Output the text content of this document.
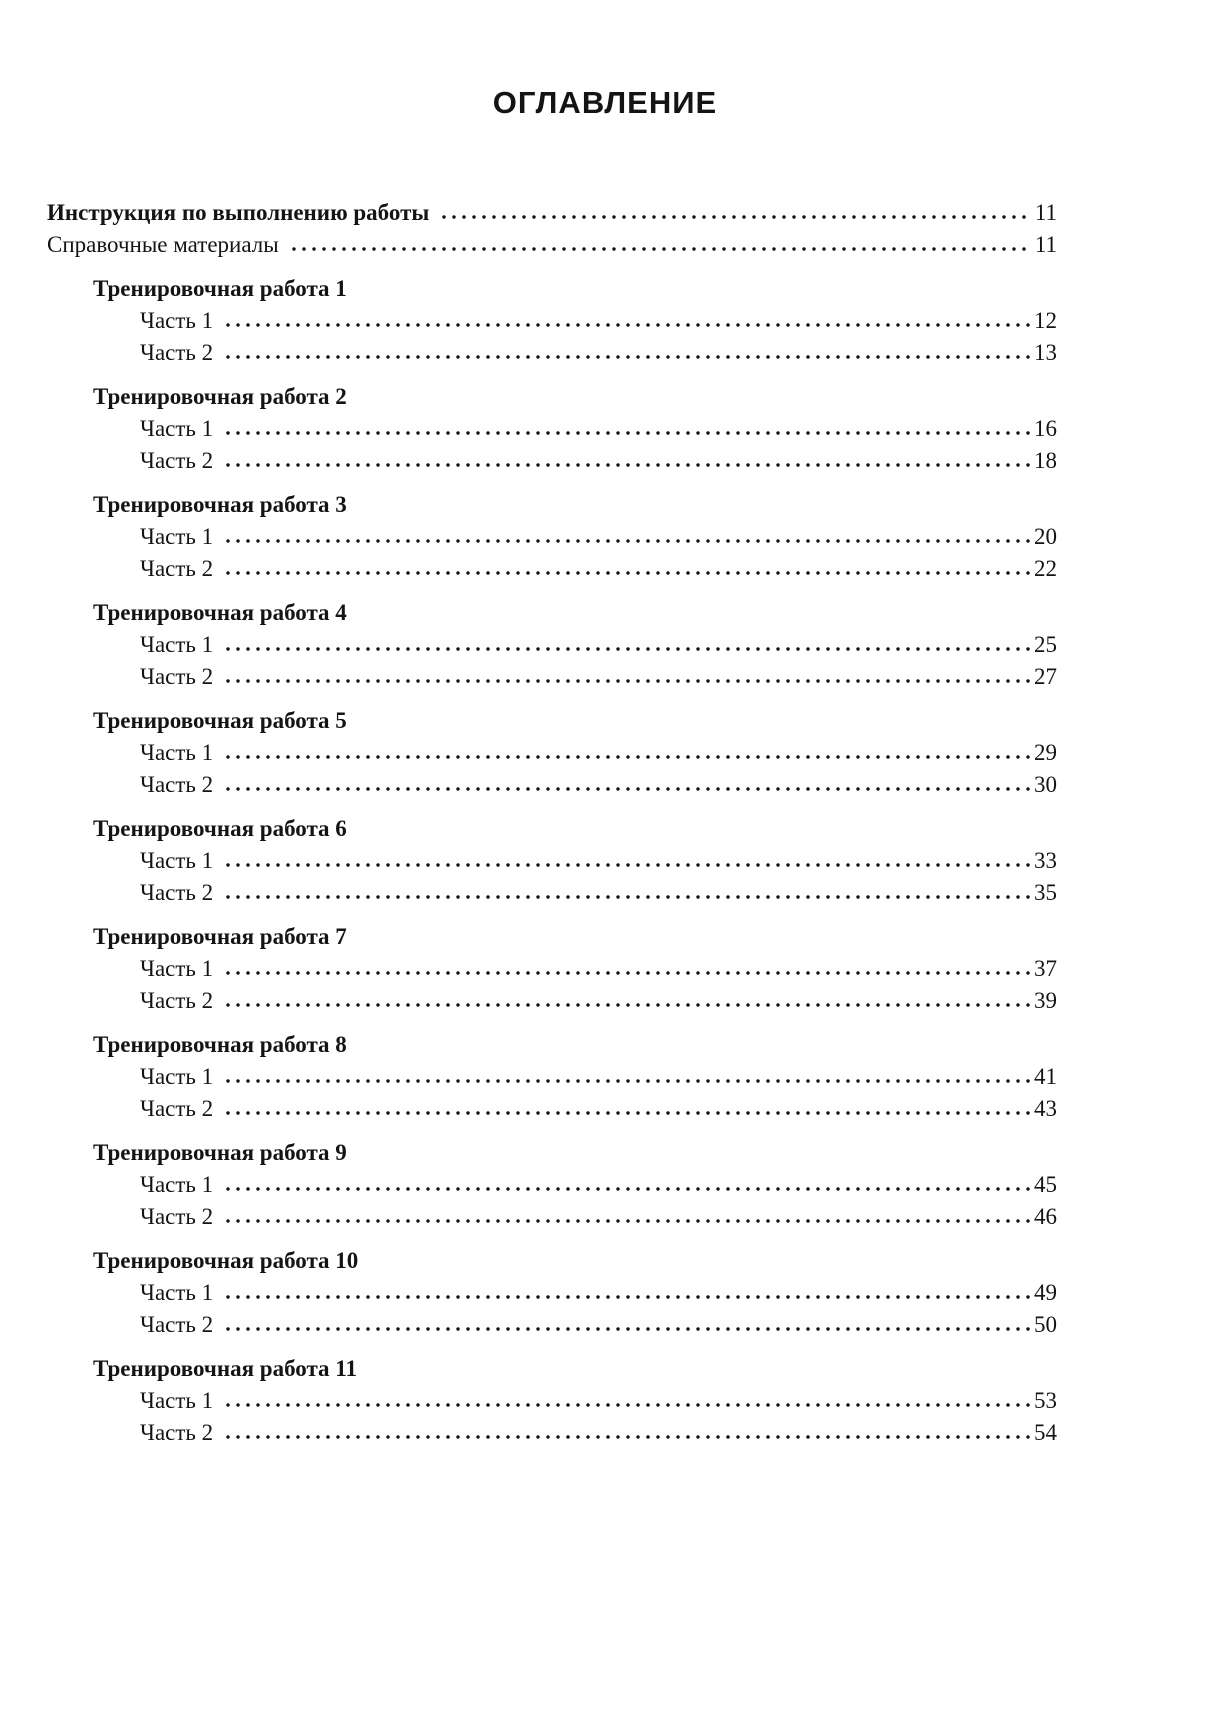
ОГЛАВЛЕНИЕ
Инструкция по выполнению работы	11
Справочные материалы	11
Тренировочная работа 1
Часть 1	12
Часть 2	13
Тренировочная работа 2
Часть 1	16
Часть 2	18
Тренировочная работа 3
Часть 1	20
Часть 2	22
Тренировочная работа 4
Часть 1	25
Часть 2	27
Тренировочная работа 5
Часть 1	29
Часть 2	30
Тренировочная работа 6
Часть 1	33
Часть 2	35
Тренировочная работа 7
Часть 1	37
Часть 2	39
Тренировочная работа 8
Часть 1	41
Часть 2	43
Тренировочная работа 9
Часть 1	45
Часть 2	46
Тренировочная работа 10
Часть 1	49
Часть 2	50
Тренировочная работа 11
Часть 1	53
Часть 2	54
